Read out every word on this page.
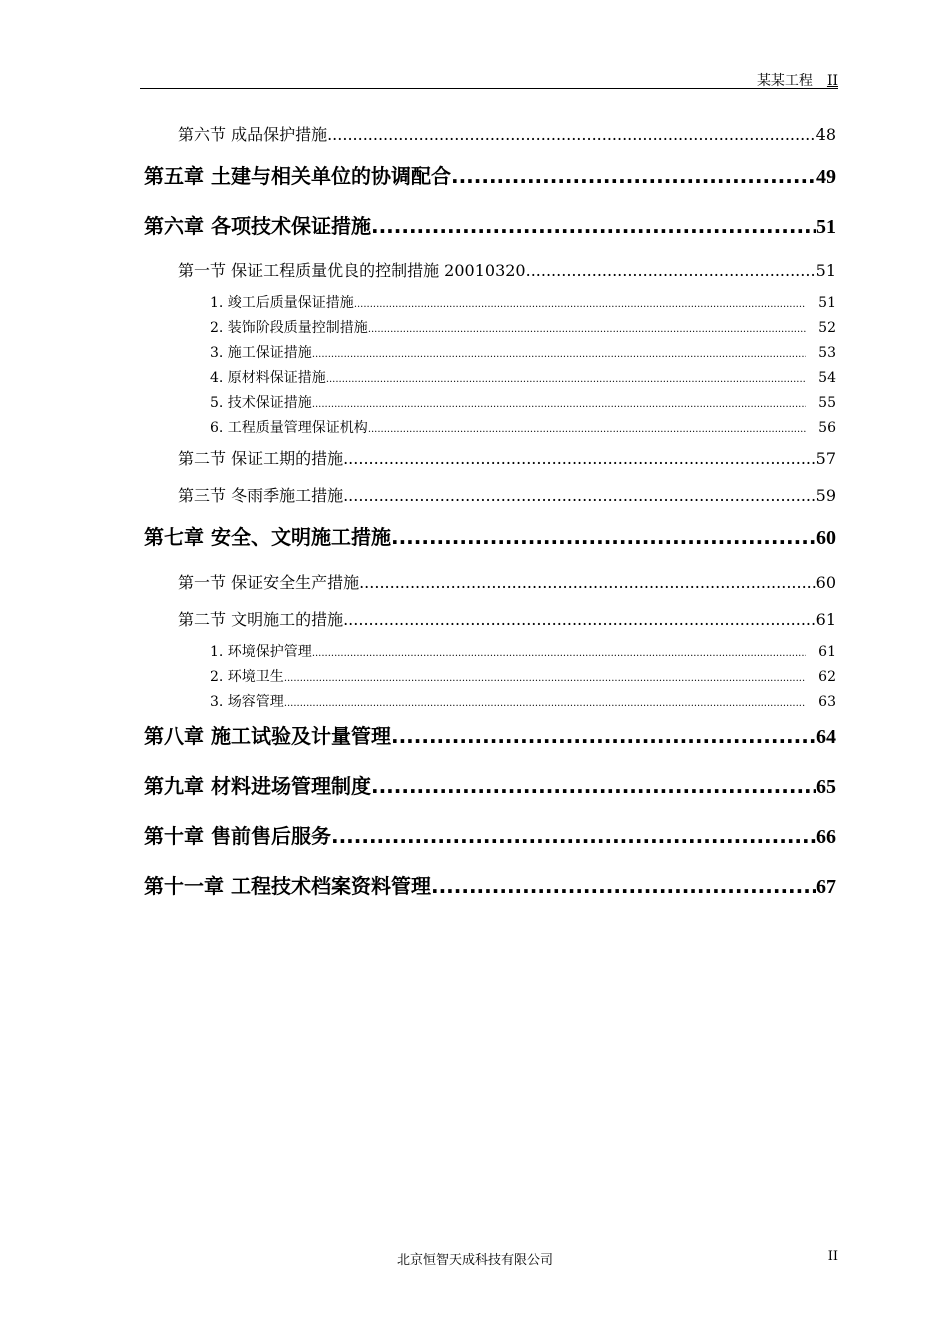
某某工程 II
第六节 成品保护措施 .....	48
第五章 土建与相关单位的协调配合 .....	49
第六章 各项技术保证措施 .....	51
第一节 保证工程质量优良的控制措施 20010320 .....	51
1. 竣工后质量保证措施 .....	51
2. 装饰阶段质量控制措施 .....	52
3. 施工保证措施 .....	53
4. 原材料保证措施 .....	54
5. 技术保证措施 .....	55
6. 工程质量管理保证机构 .....	56
第二节 保证工期的措施 .....	57
第三节 冬雨季施工措施 .....	59
第七章 安全、文明施工措施 .....	60
第一节 保证安全生产措施 .....	60
第二节 文明施工的措施 .....	61
1. 环境保护管理 .....	61
2. 环境卫生 .....	62
3. 场容管理 .....	63
第八章 施工试验及计量管理 .....	64
第九章 材料进场管理制度 .....	65
第十章 售前售后服务 .....	66
第十一章 工程技术档案资料管理 .....	67
北京恒智天成科技有限公司	II
